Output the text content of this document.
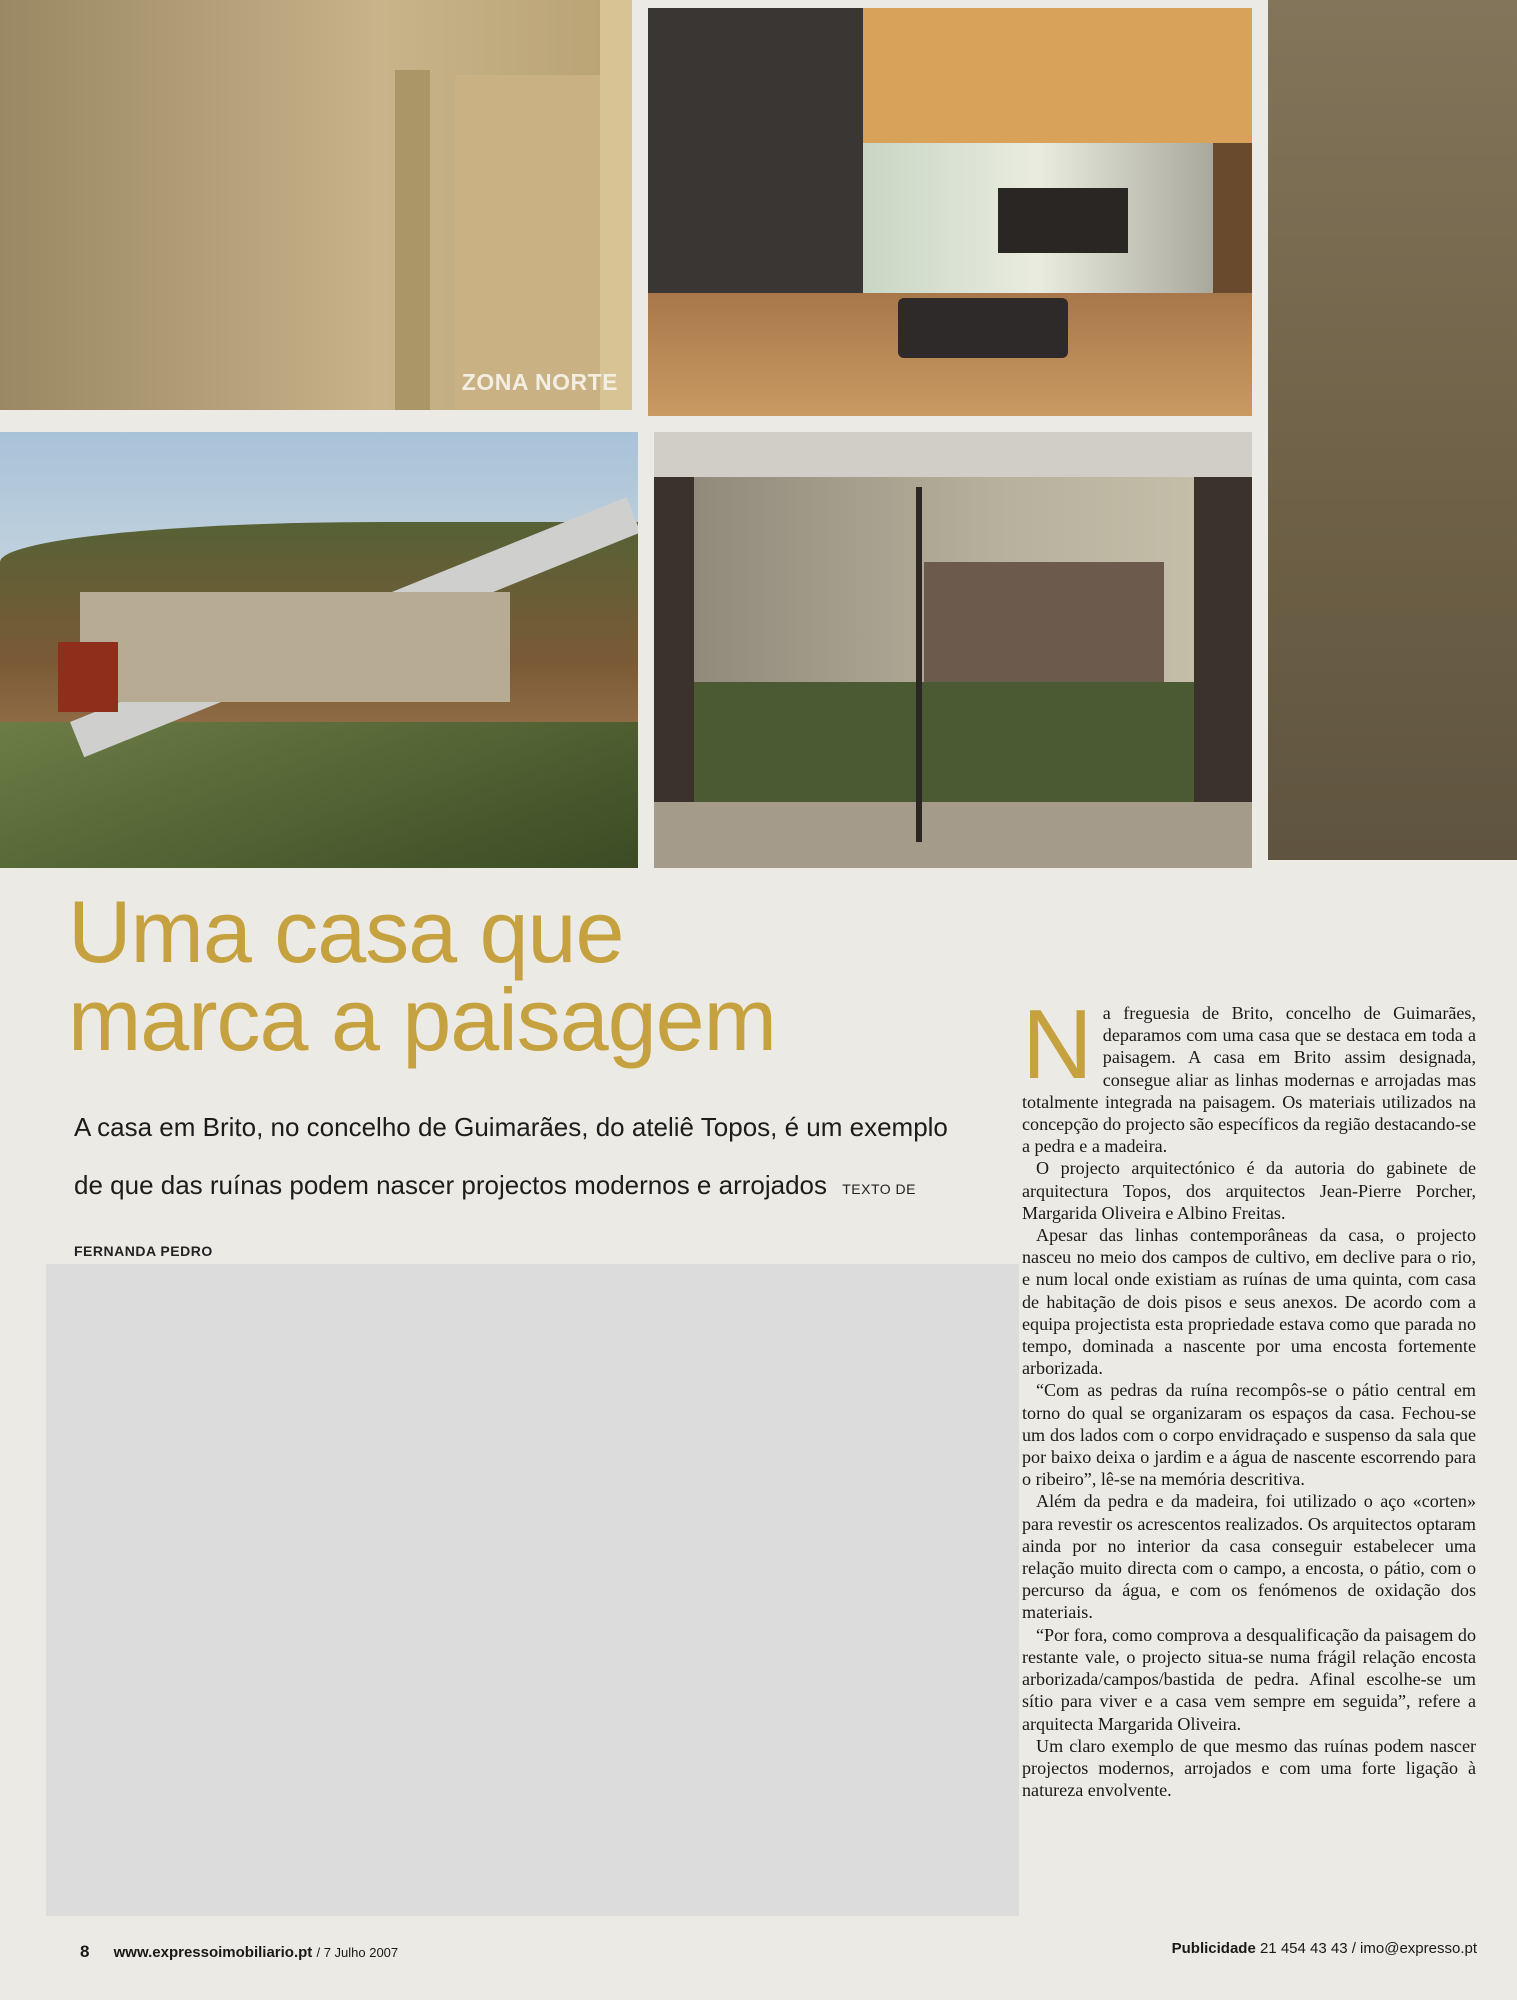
ZONA NORTE
Uma casa que
marca a paisagem

A casa em Brito, no concelho de Guimarães, do ateliê Topos, é um exemplo de que das ruínas podem nascer projectos modernos e arrojados TEXTO DE FERNANDA PEDRO

Na freguesia de Brito, concelho de Guimarães, deparamos com uma casa que se destaca em toda a paisagem. A casa em Brito assim designada, consegue aliar as linhas modernas e arrojadas mas totalmente integrada na paisagem. Os materiais utilizados na concepção do projecto são específicos da região destacando-se a pedra e a madeira.

O projecto arquitectónico é da autoria do gabinete de arquitectura Topos, dos arquitectos Jean-Pierre Porcher, Margarida Oliveira e Albino Freitas.

Apesar das linhas contemporâneas da casa, o projecto nasceu no meio dos campos de cultivo, em declive para o rio, e num local onde existiam as ruínas de uma quinta, com casa de habitação de dois pisos e seus anexos. De acordo com a equipa projectista esta propriedade estava como que parada no tempo, dominada a nascente por uma encosta fortemente arborizada.

“Com as pedras da ruína recompôs-se o pátio central em torno do qual se organizaram os espaços da casa. Fechou-se um dos lados com o corpo envidraçado e suspenso da sala que por baixo deixa o jardim e a água de nascente escorrendo para o ribeiro”, lê-se na memória descritiva.

Além da pedra e da madeira, foi utilizado o aço «corten» para revestir os acrescentos realizados. Os arquitectos optaram ainda por no interior da casa conseguir estabelecer uma relação muito directa com o campo, a encosta, o pátio, com o percurso da água, e com os fenómenos de oxidação dos materiais.

“Por fora, como comprova a desqualificação da paisagem do restante vale, o projecto situa-se numa frágil relação encosta arborizada/campos/bastida de pedra. Afinal escolhe-se um sítio para viver e a casa vem sempre em seguida”, refere a arquitecta Margarida Oliveira.

Um claro exemplo de que mesmo das ruínas podem nascer projectos modernos, arrojados e com uma forte ligação à natureza envolvente.

8 www.expressoimobiliario.pt / 7 Julho 2007	Publicidade 21 454 43 43 / imo@expresso.pt
